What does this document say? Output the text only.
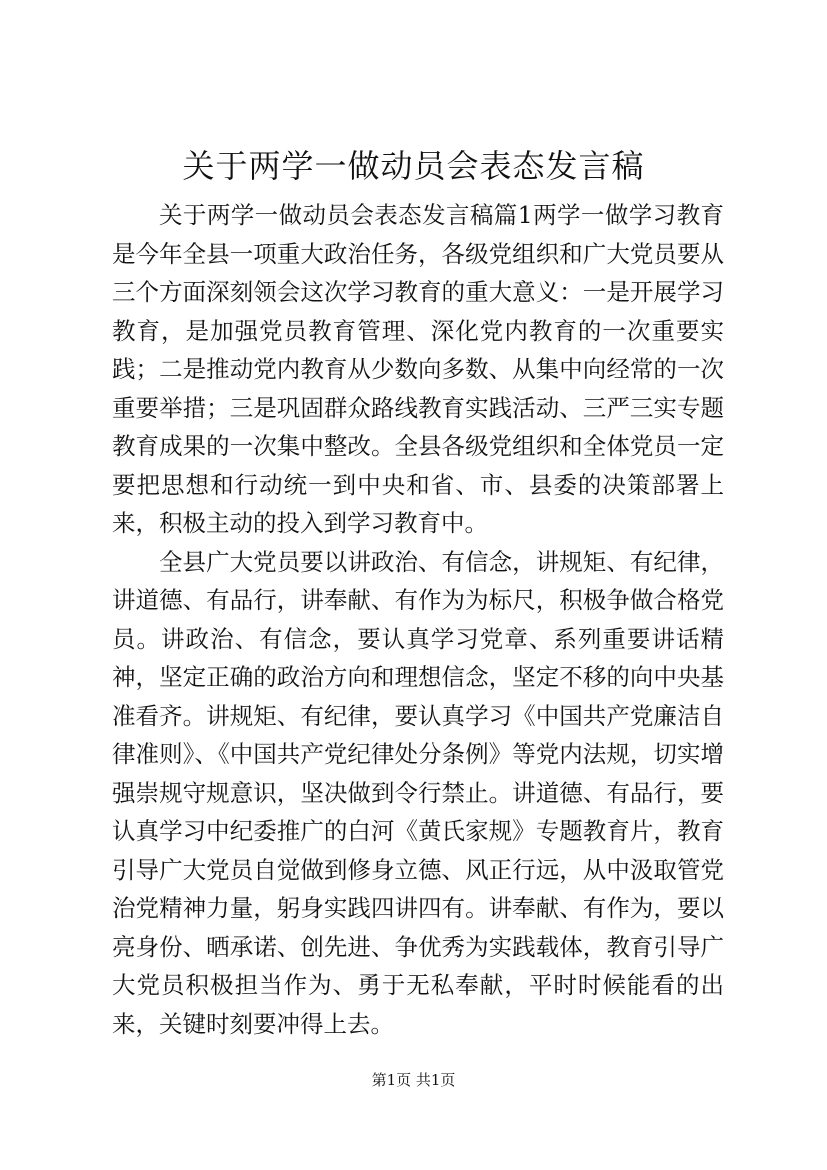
关于两学一做动员会表态发言稿

关于两学一做动员会表态发言稿篇1两学一做学习教育是今年全县一项重大政治任务，各级党组织和广大党员要从三个方面深刻领会这次学习教育的重大意义：一是开展学习教育，是加强党员教育管理、深化党内教育的一次重要实践；二是推动党内教育从少数向多数、从集中向经常的一次重要举措；三是巩固群众路线教育实践活动、三严三实专题教育成果的一次集中整改。全县各级党组织和全体党员一定要把思想和行动统一到中央和省、市、县委的决策部署上来，积极主动的投入到学习教育中。

全县广大党员要以讲政治、有信念，讲规矩、有纪律，讲道德、有品行，讲奉献、有作为为标尺，积极争做合格党员。讲政治、有信念，要认真学习党章、系列重要讲话精神，坚定正确的政治方向和理想信念，坚定不移的向中央基准看齐。讲规矩、有纪律，要认真学习《中国共产党廉洁自律准则》、《中国共产党纪律处分条例》等党内法规，切实增强崇规守规意识，坚决做到令行禁止。讲道德、有品行，要认真学习中纪委推广的白河《黄氏家规》专题教育片，教育引导广大党员自觉做到修身立德、风正行远，从中汲取管党治党精神力量，躬身实践四讲四有。讲奉献、有作为，要以亮身份、晒承诺、创先进、争优秀为实践载体，教育引导广大党员积极担当作为、勇于无私奉献，平时时候能看的出来，关键时刻要冲得上去。

第1页 共1页
